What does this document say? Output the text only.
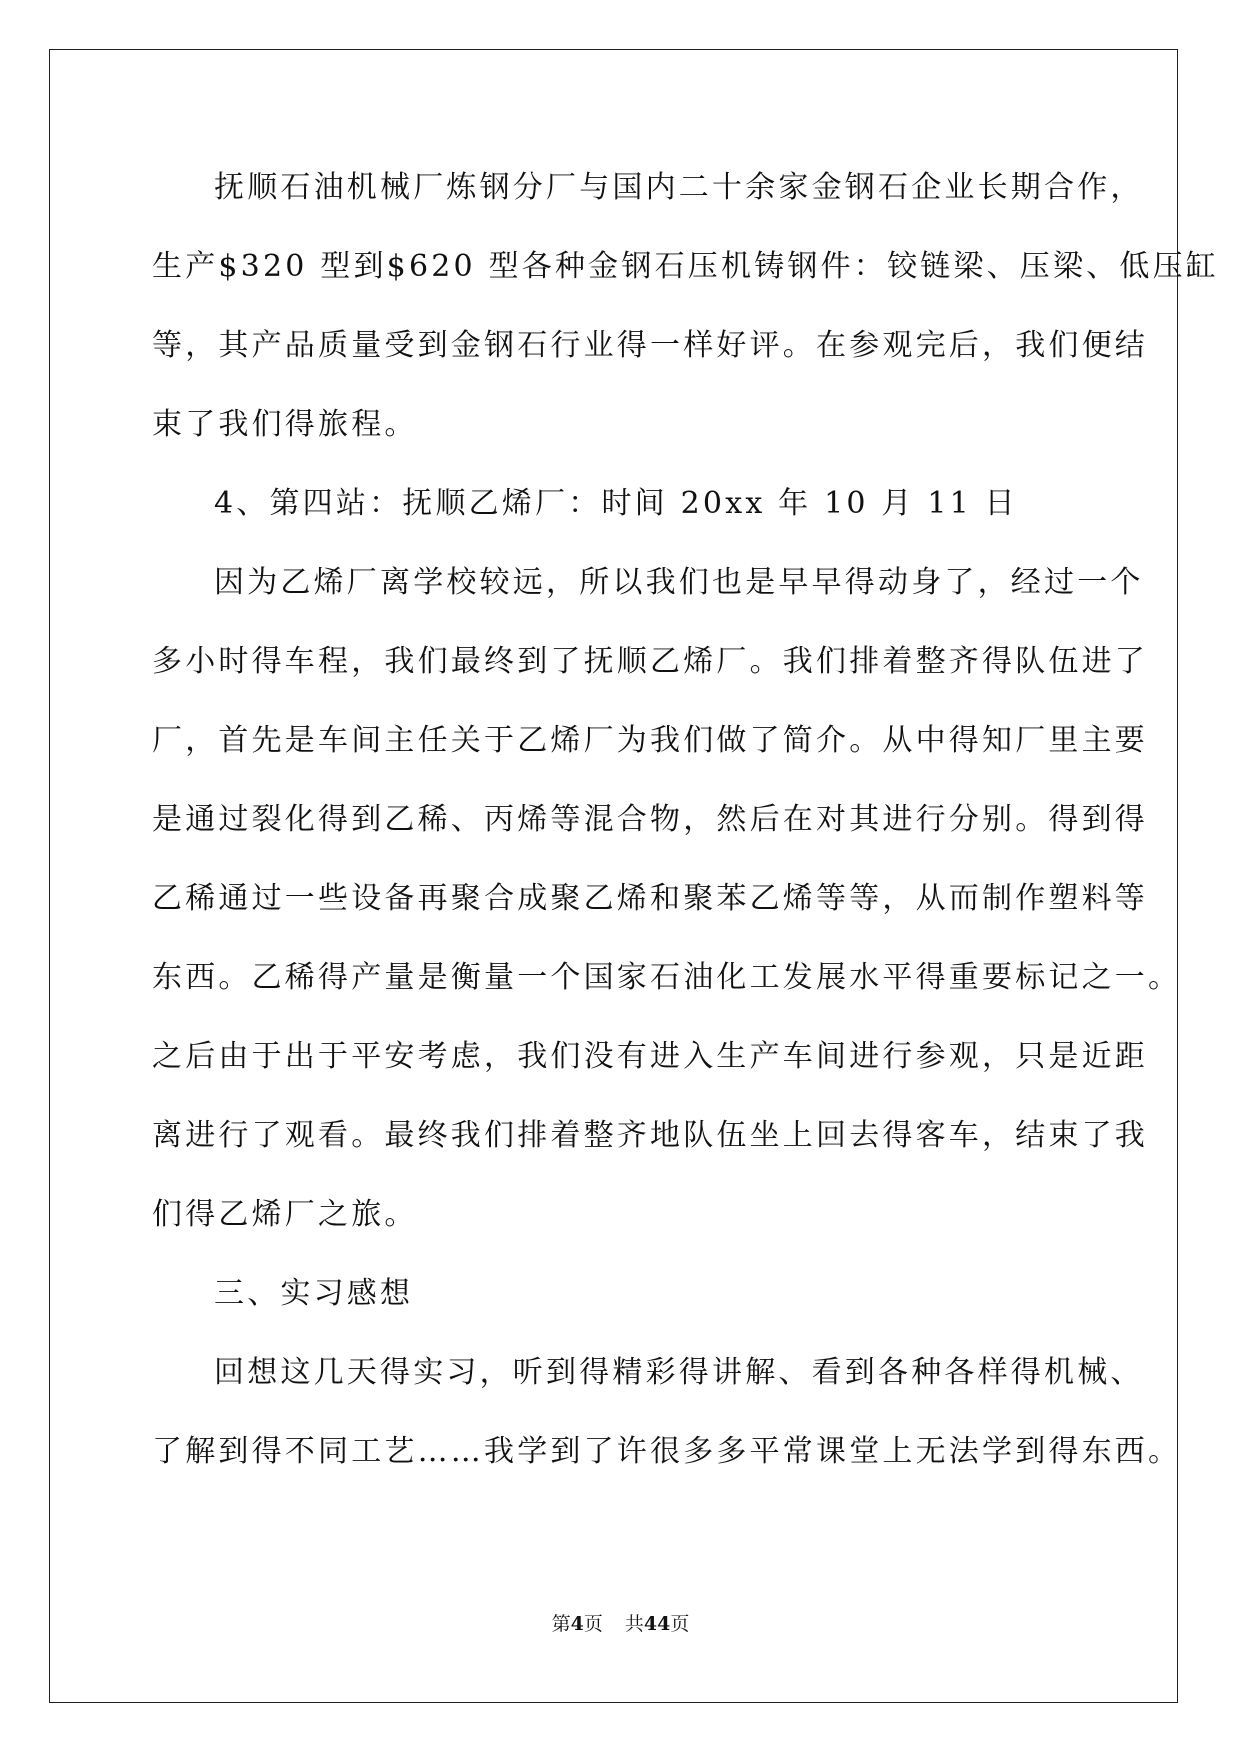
抚顺石油机械厂炼钢分厂与国内二十余家金钢石企业长期合作，
生产$320 型到$620 型各种金钢石压机铸钢件：铰链梁、压梁、低压缸
等，其产品质量受到金钢石行业得一样好评。在参观完后，我们便结
束了我们得旅程。
4、第四站：抚顺乙烯厂：时间 20xx 年 10 月 11 日
因为乙烯厂离学校较远，所以我们也是早早得动身了，经过一个
多小时得车程，我们最终到了抚顺乙烯厂。我们排着整齐得队伍进了
厂，首先是车间主任关于乙烯厂为我们做了简介。从中得知厂里主要
是通过裂化得到乙稀、丙烯等混合物，然后在对其进行分别。得到得
乙稀通过一些设备再聚合成聚乙烯和聚苯乙烯等等，从而制作塑料等
东西。乙稀得产量是衡量一个国家石油化工发展水平得重要标记之一。
之后由于出于平安考虑，我们没有进入生产车间进行参观，只是近距
离进行了观看。最终我们排着整齐地队伍坐上回去得客车，结束了我
们得乙烯厂之旅。
三、实习感想
回想这几天得实习，听到得精彩得讲解、看到各种各样得机械、
了解到得不同工艺……我学到了许很多多平常课堂上无法学到得东西。
第4页 共44页
